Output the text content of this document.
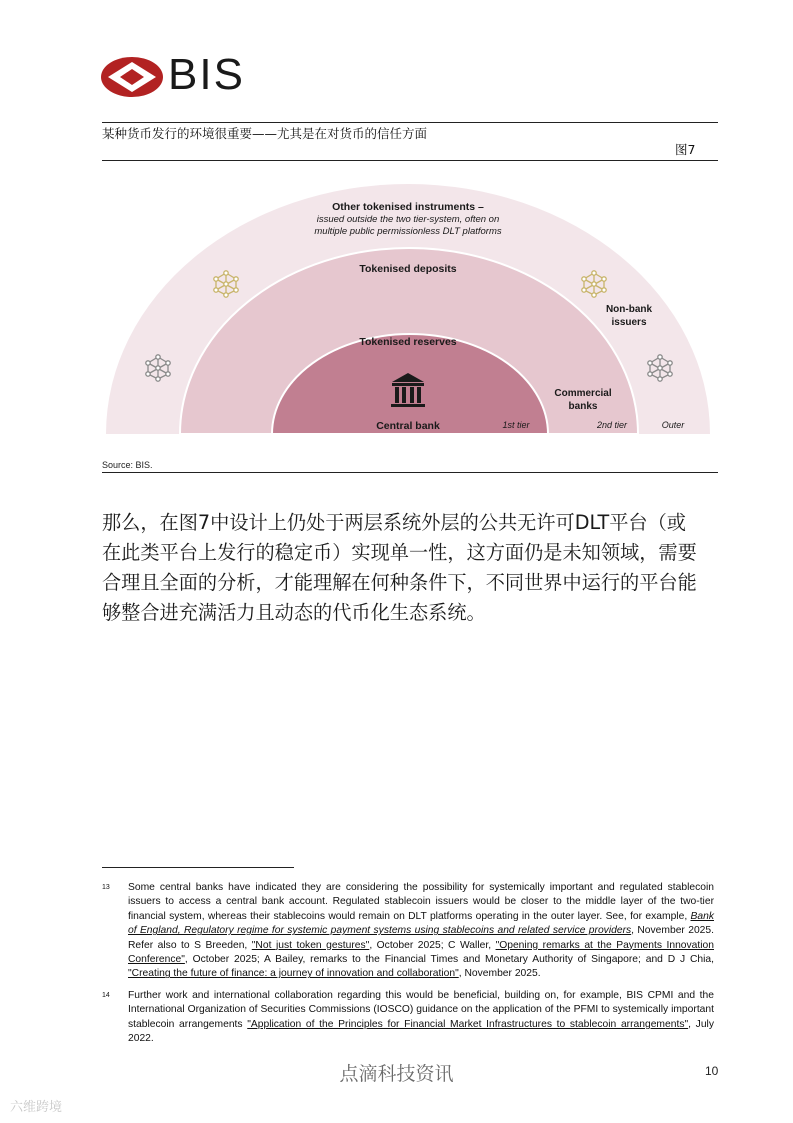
BIS
某种货币发行的环境很重要——尤其是在对货币的信任方面
图7
Other tokenised instruments –
issued outside the two tier-system, often on
multiple public permissionless DLT platforms
Tokenised deposits
Tokenised reserves
Central bank
Non-bank
issuers
Commercial
banks
1st tier	2nd tier	Outer
Source: BIS.

那么，在图7中设计上仍处于两层系统外层的公共无许可DLT平台（或在此类平台上发行的稳定币）实现单一性，这方面仍是未知领域，需要合理且全面的分析，才能理解在何种条件下，不同世界中运行的平台能够整合进充满活力且动态的代币化生态系统。

13 Some central banks have indicated they are considering the possibility for systemically important and regulated stablecoin issuers to access a central bank account. Regulated stablecoin issuers would be closer to the middle layer of the two-tier financial system, whereas their stablecoins would remain on DLT platforms operating in the outer layer. See, for example, Bank of England, Regulatory regime for systemic payment systems using stablecoins and related service providers, November 2025. Refer also to S Breeden, "Not just token gestures", October 2025; C Waller, "Opening remarks at the Payments Innovation Conference", October 2025; A Bailey, remarks to the Financial Times and Monetary Authority of Singapore; and D J Chia, "Creating the future of finance: a journey of innovation and collaboration", November 2025.
14 Further work and international collaboration regarding this would be beneficial, building on, for example, BIS CPMI and the International Organization of Securities Commissions (IOSCO) guidance on the application of the PFMI to systemically important stablecoin arrangements "Application of the Principles for Financial Market Infrastructures to stablecoin arrangements", July 2022.
点滴科技资讯	10
六维跨境
